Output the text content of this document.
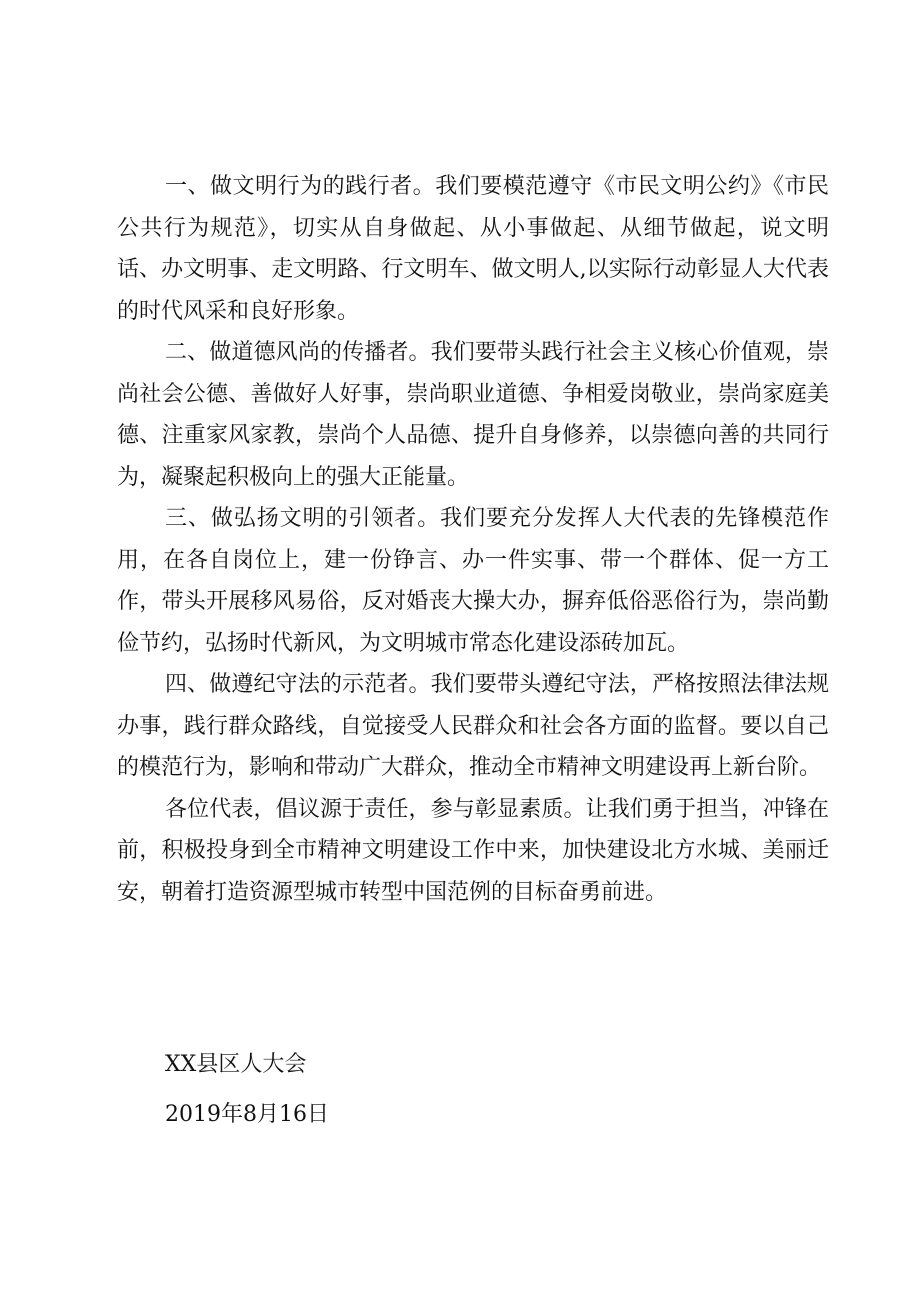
一、做文明行为的践行者。我们要模范遵守《市民文明公约》《市民公共行为规范》，切实从自身做起、从小事做起、从细节做起，说文明话、办文明事、走文明路、行文明车、做文明人,以实际行动彰显人大代表的时代风采和良好形象。

二、做道德风尚的传播者。我们要带头践行社会主义核心价值观，崇尚社会公德、善做好人好事，崇尚职业道德、争相爱岗敬业，崇尚家庭美德、注重家风家教，崇尚个人品德、提升自身修养，以崇德向善的共同行为，凝聚起积极向上的强大正能量。

三、做弘扬文明的引领者。我们要充分发挥人大代表的先锋模范作用，在各自岗位上，建一份铮言、办一件实事、带一个群体、促一方工作，带头开展移风易俗，反对婚丧大操大办，摒弃低俗恶俗行为，崇尚勤俭节约，弘扬时代新风，为文明城市常态化建设添砖加瓦。

四、做遵纪守法的示范者。我们要带头遵纪守法，严格按照法律法规办事，践行群众路线，自觉接受人民群众和社会各方面的监督。要以自己的模范行为，影响和带动广大群众，推动全市精神文明建设再上新台阶。

各位代表，倡议源于责任，参与彰显素质。让我们勇于担当，冲锋在前，积极投身到全市精神文明建设工作中来，加快建设北方水城、美丽迁安，朝着打造资源型城市转型中国范例的目标奋勇前进。

XX县区人大会
2019年8月16日
